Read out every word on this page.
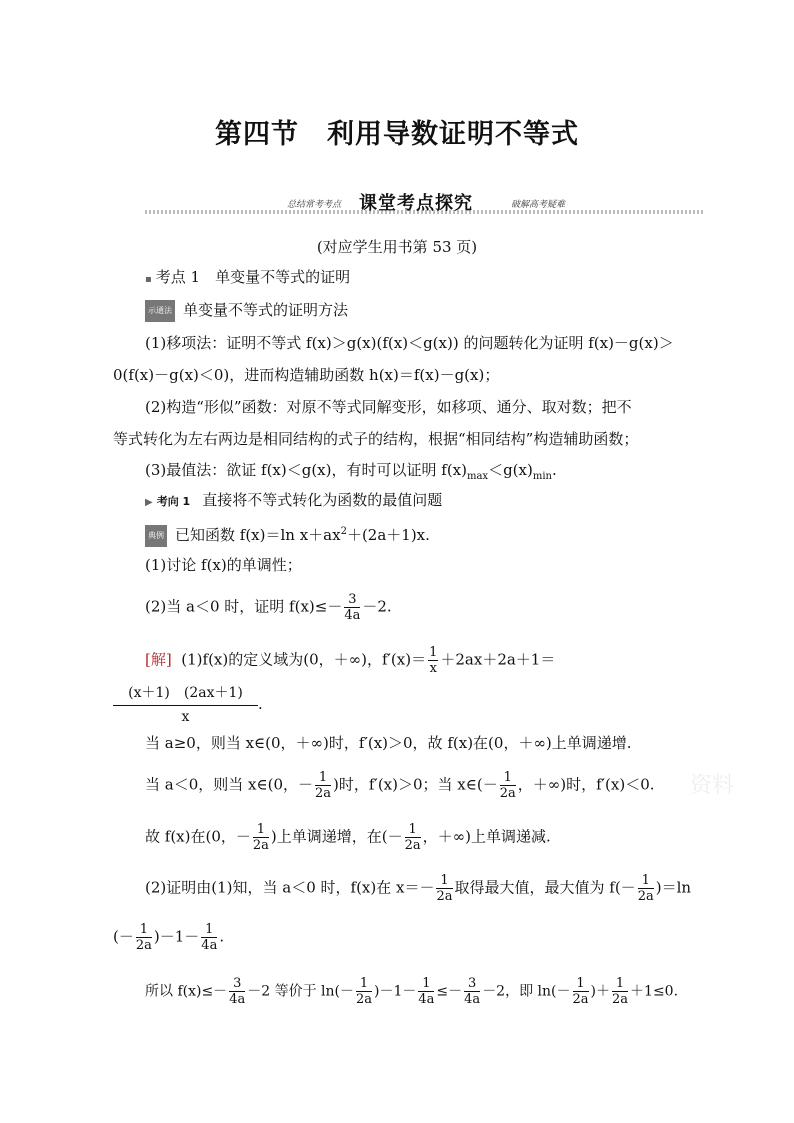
第四节　利用导数证明不等式
总结常考考点 课堂考点探究	破解高考疑难
(对应学生用书第 53 页)
▪ 考点 1　单变量不等式的证明
示通法 单变量不等式的证明方法
(1)移项法：证明不等式 f(x)＞g(x)(f(x)＜g(x)) 的问题转化为证明 f(x)－g(x)＞
0(f(x)－g(x)＜0)，进而构造辅助函数 h(x)＝f(x)－g(x)；
(2)构造“形似”函数：对原不等式同解变形，如移项、通分、取对数；把不
等式转化为左右两边是相同结构的式子的结构，根据“相同结构”构造辅助函数；
(3)最值法：欲证 f(x)＜g(x)，有时可以证明 $f(x)_{max}<g(x)_{min}$.
▶ 考向 1 直接将不等式转化为函数的最值问题
典例 已知函数 f(x)＝ln $x+ax^2+(2a+1)x$.
(1)讨论 f(x)的单调性；
(2)当 a＜0 时，证明 $f(x)\le- \frac{3}{4a} -2$.
[解] (1)f(x)的定义域为(0，＋∞)，$f'(x)= \frac{1}{x} +2ax+2a+1=$
(x＋1)　(2ax＋1)
x
.
当 a≥0，则当 x∈(0，＋∞)时，f′(x)＞0，故 f(x)在(0，＋∞)上单调递增.
当 a＜0，则当 x∈(0，－ $\frac{1}{2a}$ )时，f′(x)＞0；当 x∈(－ $\frac{1}{2a}$ ，＋∞)时，f′(x)＜0.
故 f(x)在(0，－ $\frac{1}{2a}$ )上单调递增，在(－ $\frac{1}{2a}$ ，＋∞)上单调递减.
(2)证明由(1)知，当 a＜0 时，f(x)在 $x=- \frac{1}{2a}$ 取得最大值，最大值为 $f(- \frac{1}{2a} )=\ln$
(－ $\frac{1}{2a} )-1- \frac{1}{4a}$ .
所以 $f(x)\le- \frac{3}{4a} -2$ 等价于 $\ln(- \frac{1}{2a} )-1- \frac{1}{4a} \le- \frac{3}{4a} -2$，即 $\ln(- \frac{1}{2a}$ )＋ $\frac{1}{2a} +1\le 0$.
资料
